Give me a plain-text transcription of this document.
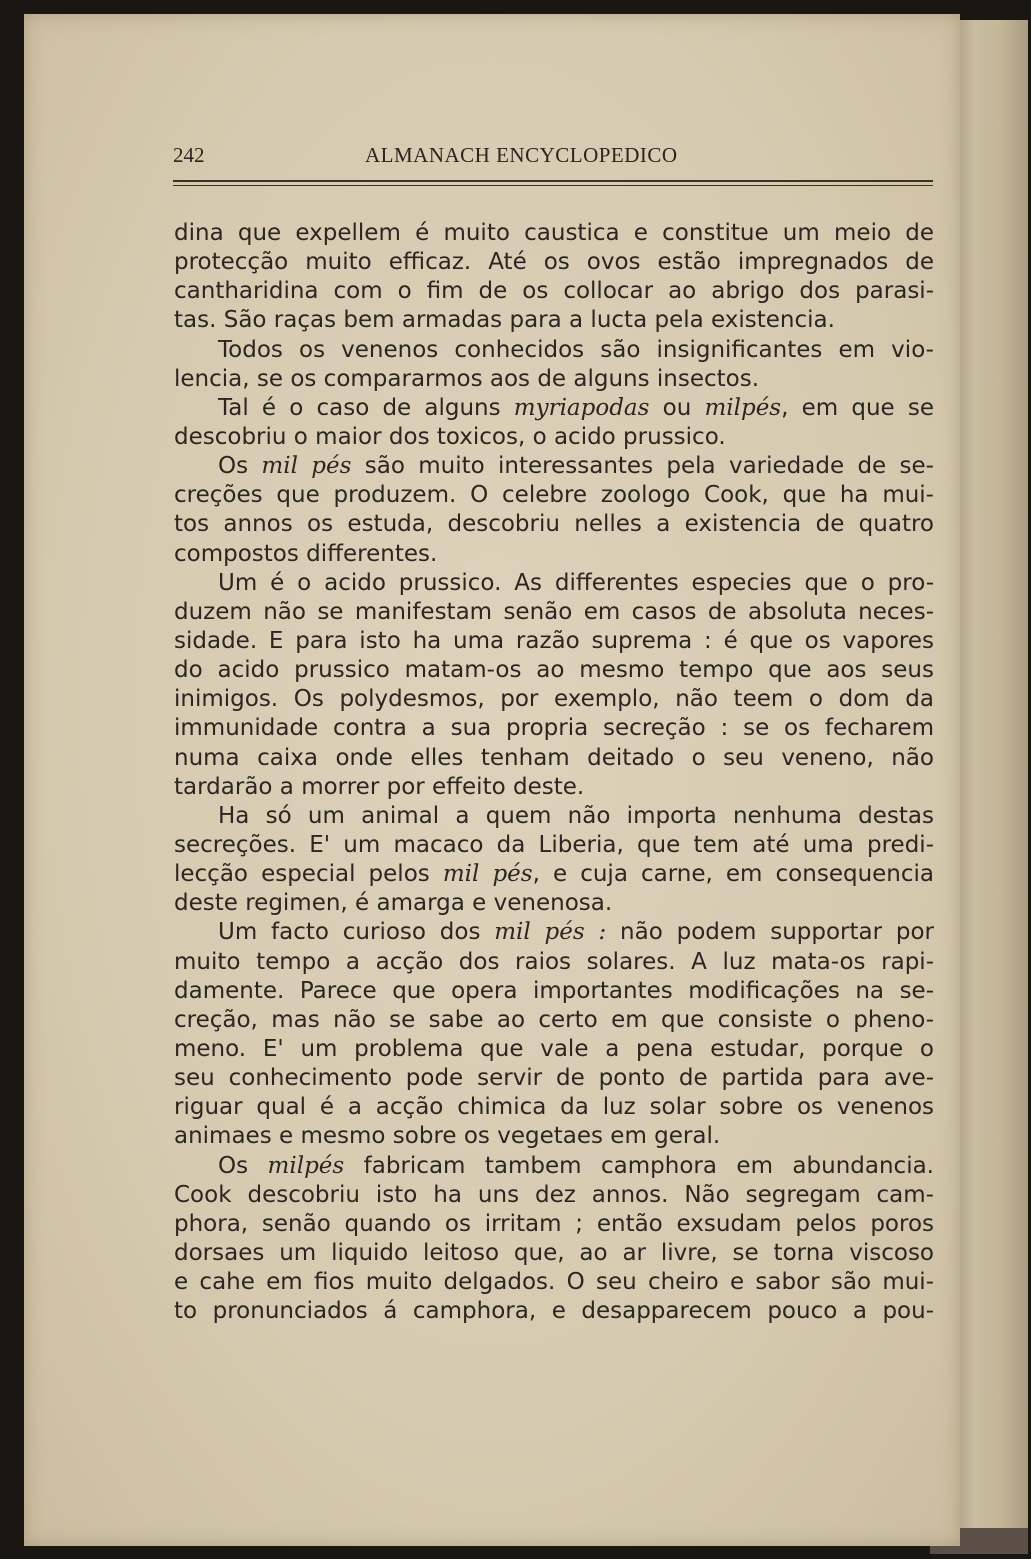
242	ALMANACH ENCYCLOPEDICO
dina que expellem é muito caustica e constitue um meio de
protecção muito efficaz. Até os ovos estão impregnados de
cantharidina com o fim de os collocar ao abrigo dos parasi-
tas. São raças bem armadas para a lucta pela existencia.
Todos os venenos conhecidos são insignificantes em vio-
lencia, se os compararmos aos de alguns insectos.
Tal é o caso de alguns myriapodas ou milpés, em que se
descobriu o maior dos toxicos, o acido prussico.
Os mil pés são muito interessantes pela variedade de se-
creções que produzem. O celebre zoologo Cook, que ha mui-
tos annos os estuda, descobriu nelles a existencia de quatro
compostos differentes.
Um é o acido prussico. As differentes especies que o pro-
duzem não se manifestam senão em casos de absoluta neces-
sidade. E para isto ha uma razão suprema : é que os vapores
do acido prussico matam-os ao mesmo tempo que aos seus
inimigos. Os polydesmos, por exemplo, não teem o dom da
immunidade contra a sua propria secreção : se os fecharem
numa caixa onde elles tenham deitado o seu veneno, não
tardarão a morrer por effeito deste.
Ha só um animal a quem não importa nenhuma destas
secreções. E' um macaco da Liberia, que tem até uma predi-
lecção especial pelos mil pés, e cuja carne, em consequencia
deste regimen, é amarga e venenosa.
Um facto curioso dos mil pés : não podem supportar por
muito tempo a acção dos raios solares. A luz mata-os rapi-
damente. Parece que opera importantes modificações na se-
creção, mas não se sabe ao certo em que consiste o pheno-
meno. E' um problema que vale a pena estudar, porque o
seu conhecimento pode servir de ponto de partida para ave-
riguar qual é a acção chimica da luz solar sobre os venenos
animaes e mesmo sobre os vegetaes em geral.
Os milpés fabricam tambem camphora em abundancia.
Cook descobriu isto ha uns dez annos. Não segregam cam-
phora, senão quando os irritam ; então exsudam pelos poros
dorsaes um liquido leitoso que, ao ar livre, se torna viscoso
e cahe em fios muito delgados. O seu cheiro e sabor são mui-
to pronunciados á camphora, e desapparecem pouco a pou-
